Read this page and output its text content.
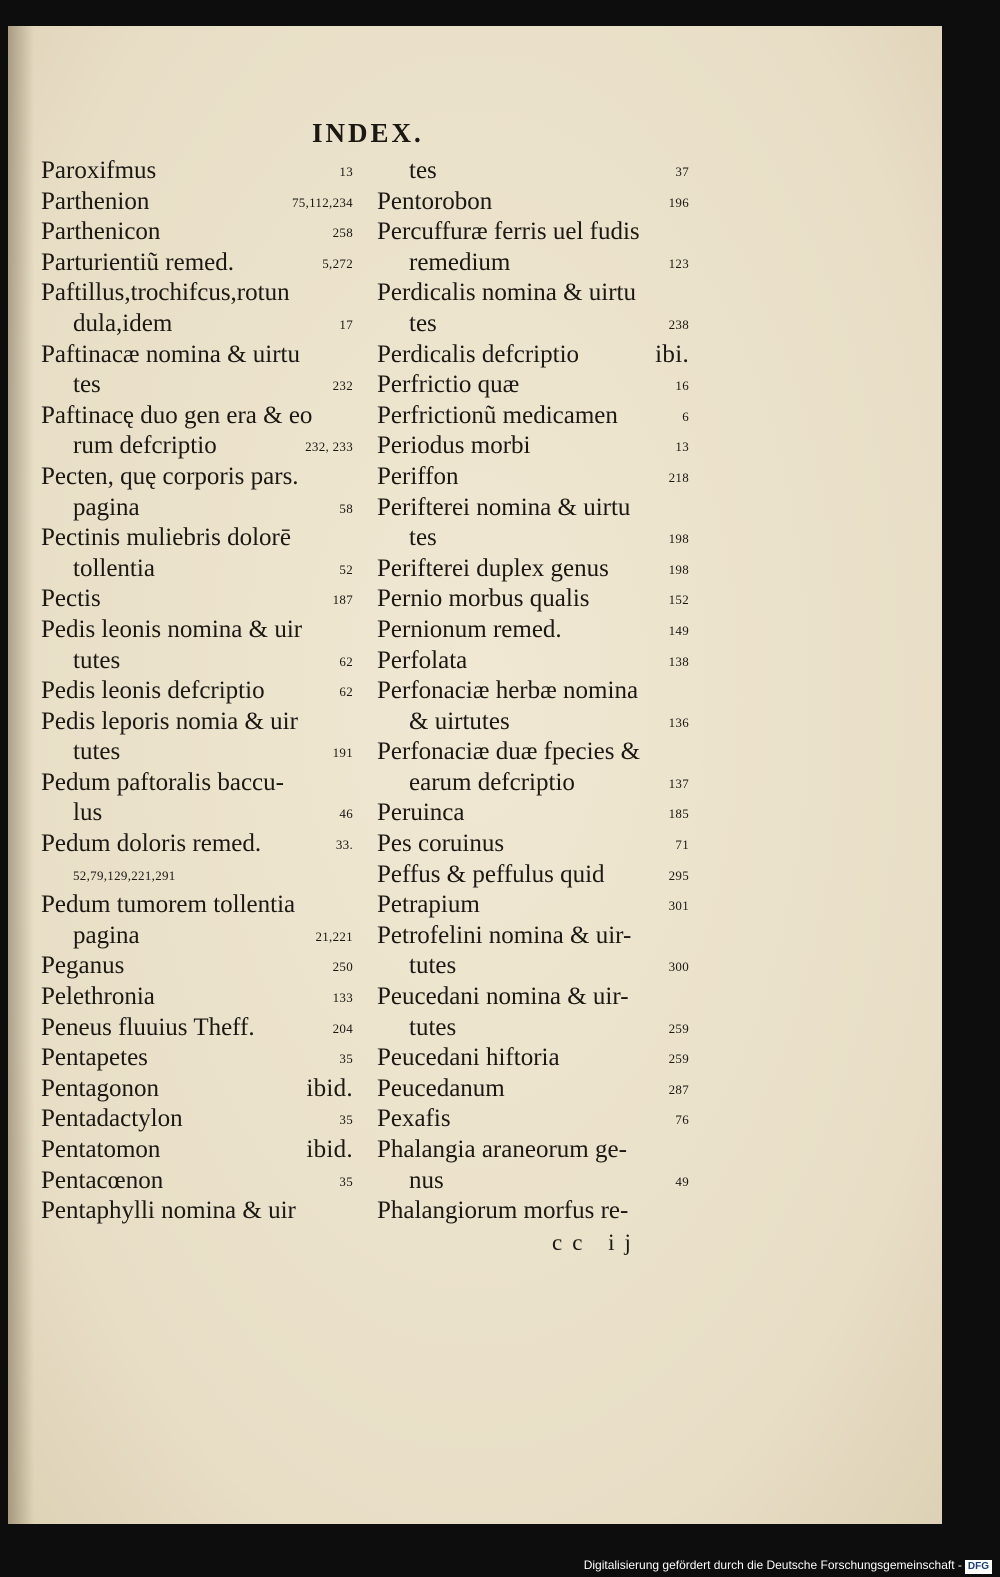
INDEX.
Paroxifmus	13
Parthenion	75,112,234
Parthenicon	258
Parturientiũ remed.	5,272
Paftillus,trochifcus,rotun
dula,idem	17
Paftinacæ nomina & uirtu
tes	232
Paftinacę duo gen era & eo
rum defcriptio	232, 233
Pecten, quę corporis pars.
pagina	58
Pectinis muliebris dolorē
tollentia	52
Pectis	187
Pedis leonis nomina & uir
tutes	62
Pedis leonis defcriptio	62
Pedis leporis nomia & uir
tutes	191
Pedum paftoralis baccu-
lus	46
Pedum doloris remed.	33.
52,79,129,221,291
Pedum tumorem tollentia
pagina	21,221
Peganus	250
Pelethronia	133
Peneus fluuius Theff.	204
Pentapetes	35
Pentagonon	ibid.
Pentadactylon	35
Pentatomon	ibid.
Pentacœnon	35
Pentaphylli nomina & uir
tes	37
Pentorobon	196
Percuffuræ ferris uel fudis
remedium	123
Perdicalis nomina & uirtu
tes	238
Perdicalis defcriptio	ibi.
Perfrictio quæ	16
Perfrictionũ medicamen	6
Periodus morbi	13
Periffon	218
Perifterei nomina & uirtu
tes	198
Perifterei duplex genus	198
Pernio morbus qualis	152
Pernionum remed.	149
Perfolata	138
Perfonaciæ herbæ nomina
& uirtutes	136
Perfonaciæ duæ fpecies &
earum defcriptio	137
Peruinca	185
Pes coruinus	71
Peffus & peffulus quid	295
Petrapium	301
Petrofelini nomina & uir-
tutes	300
Peucedani nomina & uir-
tutes	259
Peucedani hiftoria	259
Peucedanum	287
Pexafis	76
Phalangia araneorum ge-
nus	49
Phalangiorum morfus re-
cc ij
Digitalisierung gefördert durch die Deutsche Forschungsgemeinschaft - DFG
